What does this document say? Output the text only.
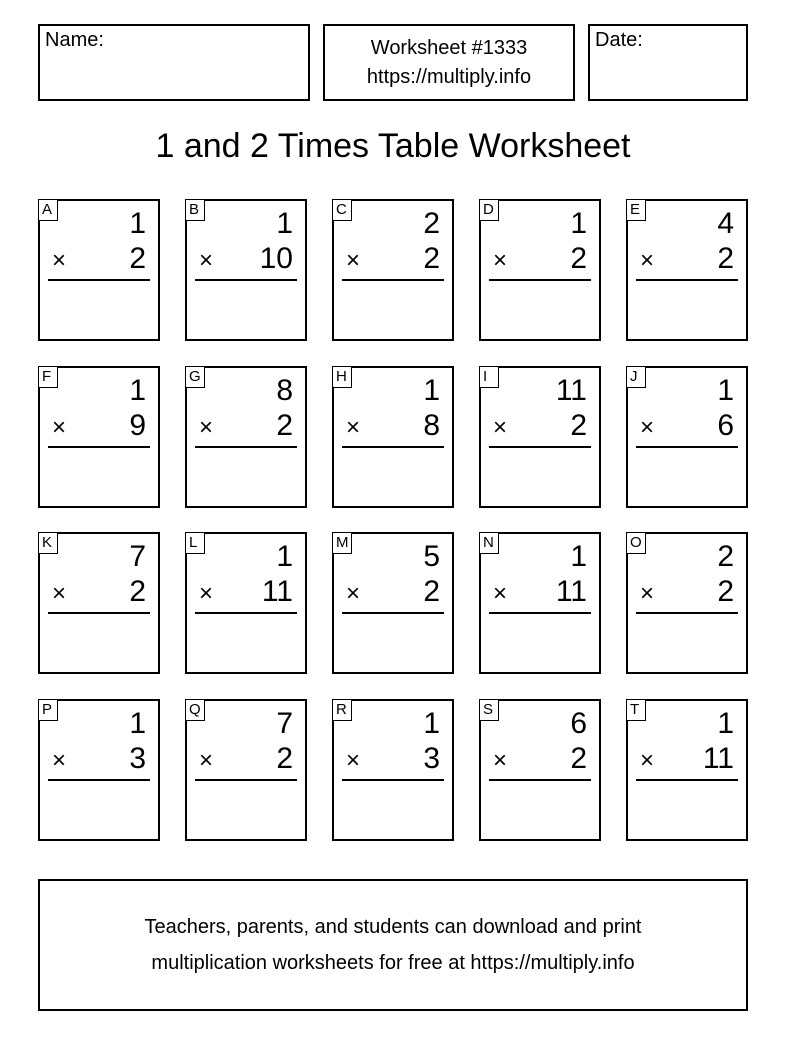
Name:	Worksheet #1333
https://multiply.info
Date:
1 and 2 Times Table Worksheet
A	1
× 2
B	1
× 10
C	2
× 2
D	1
× 2
E	4
× 2
F	1
× 9
G	8
× 2
H	1
× 8
I	11
× 2
J	1
× 6
K	7
× 2
L	1
× 11
M 5
× 2
N	1
× 11
O	2
× 2
P	1
× 3
Q	7
× 2
R	1
× 3
S	6
× 2
T	1
× 11
Teachers, parents, and students can download and print
multiplication worksheets for free at https://multiply.info
